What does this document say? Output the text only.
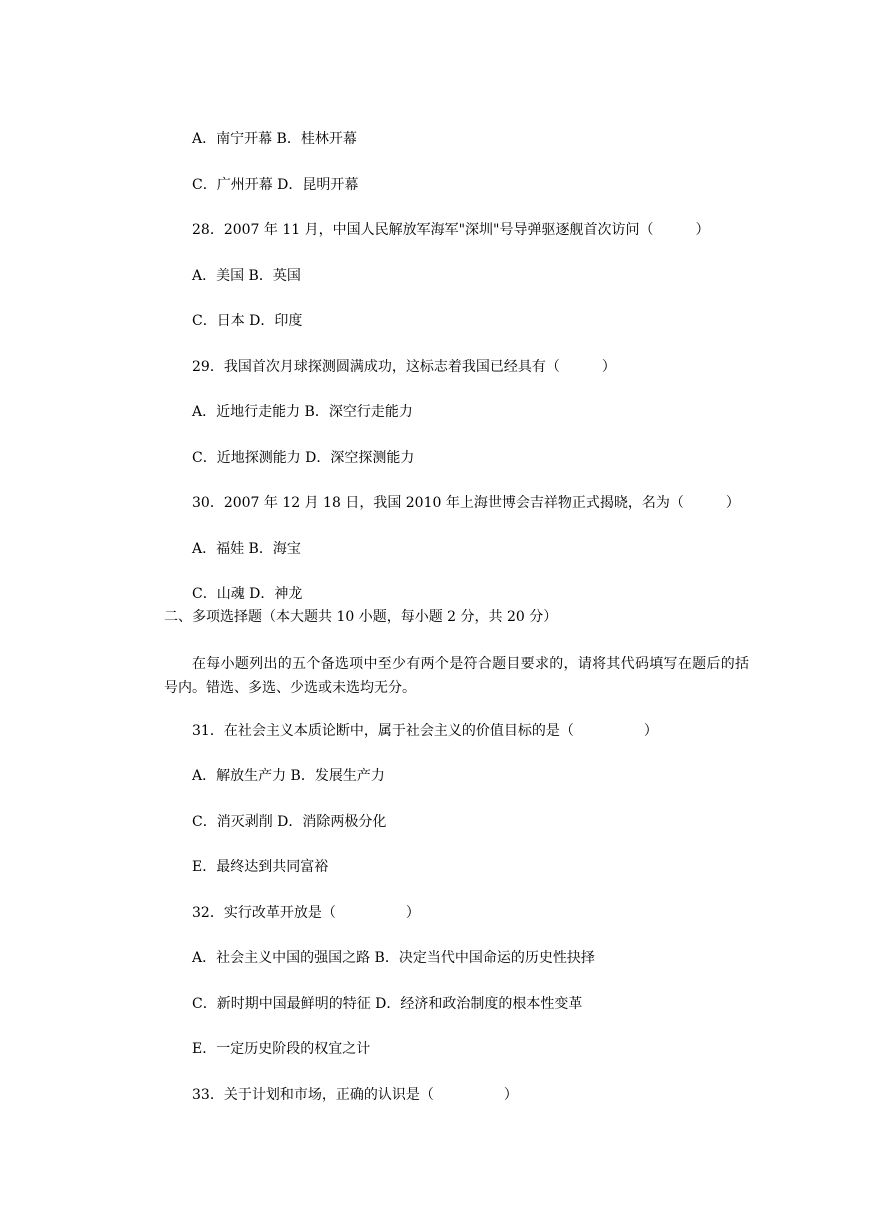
A．南宁开幕 B．桂林开幕
C．广州开幕 D．昆明开幕
28．2007 年 11 月，中国人民解放军海军"深圳"号导弹驱逐舰首次访问（　　　）
A．美国 B．英国
C．日本 D．印度
29．我国首次月球探测圆满成功，这标志着我国已经具有（　　　）
A．近地行走能力 B．深空行走能力
C．近地探测能力 D．深空探测能力
30．2007 年 12 月 18 日，我国 2010 年上海世博会吉祥物正式揭晓，名为（　　　）
A．福娃 B．海宝
C．山魂 D．神龙
二、多项选择题（本大题共 10 小题，每小题 2 分，共 20 分）
在每小题列出的五个备选项中至少有两个是符合题目要求的，请将其代码填写在题后的括号内。错选、多选、少选或未选均无分。
31．在社会主义本质论断中，属于社会主义的价值目标的是（　　　　　）
A．解放生产力 B．发展生产力
C．消灭剥削 D．消除两极分化
E．最终达到共同富裕
32．实行改革开放是（　　　　　）
A．社会主义中国的强国之路 B．决定当代中国命运的历史性抉择
C．新时期中国最鲜明的特征 D．经济和政治制度的根本性变革
E．一定历史阶段的权宜之计
33．关于计划和市场，正确的认识是（　　　　　）
